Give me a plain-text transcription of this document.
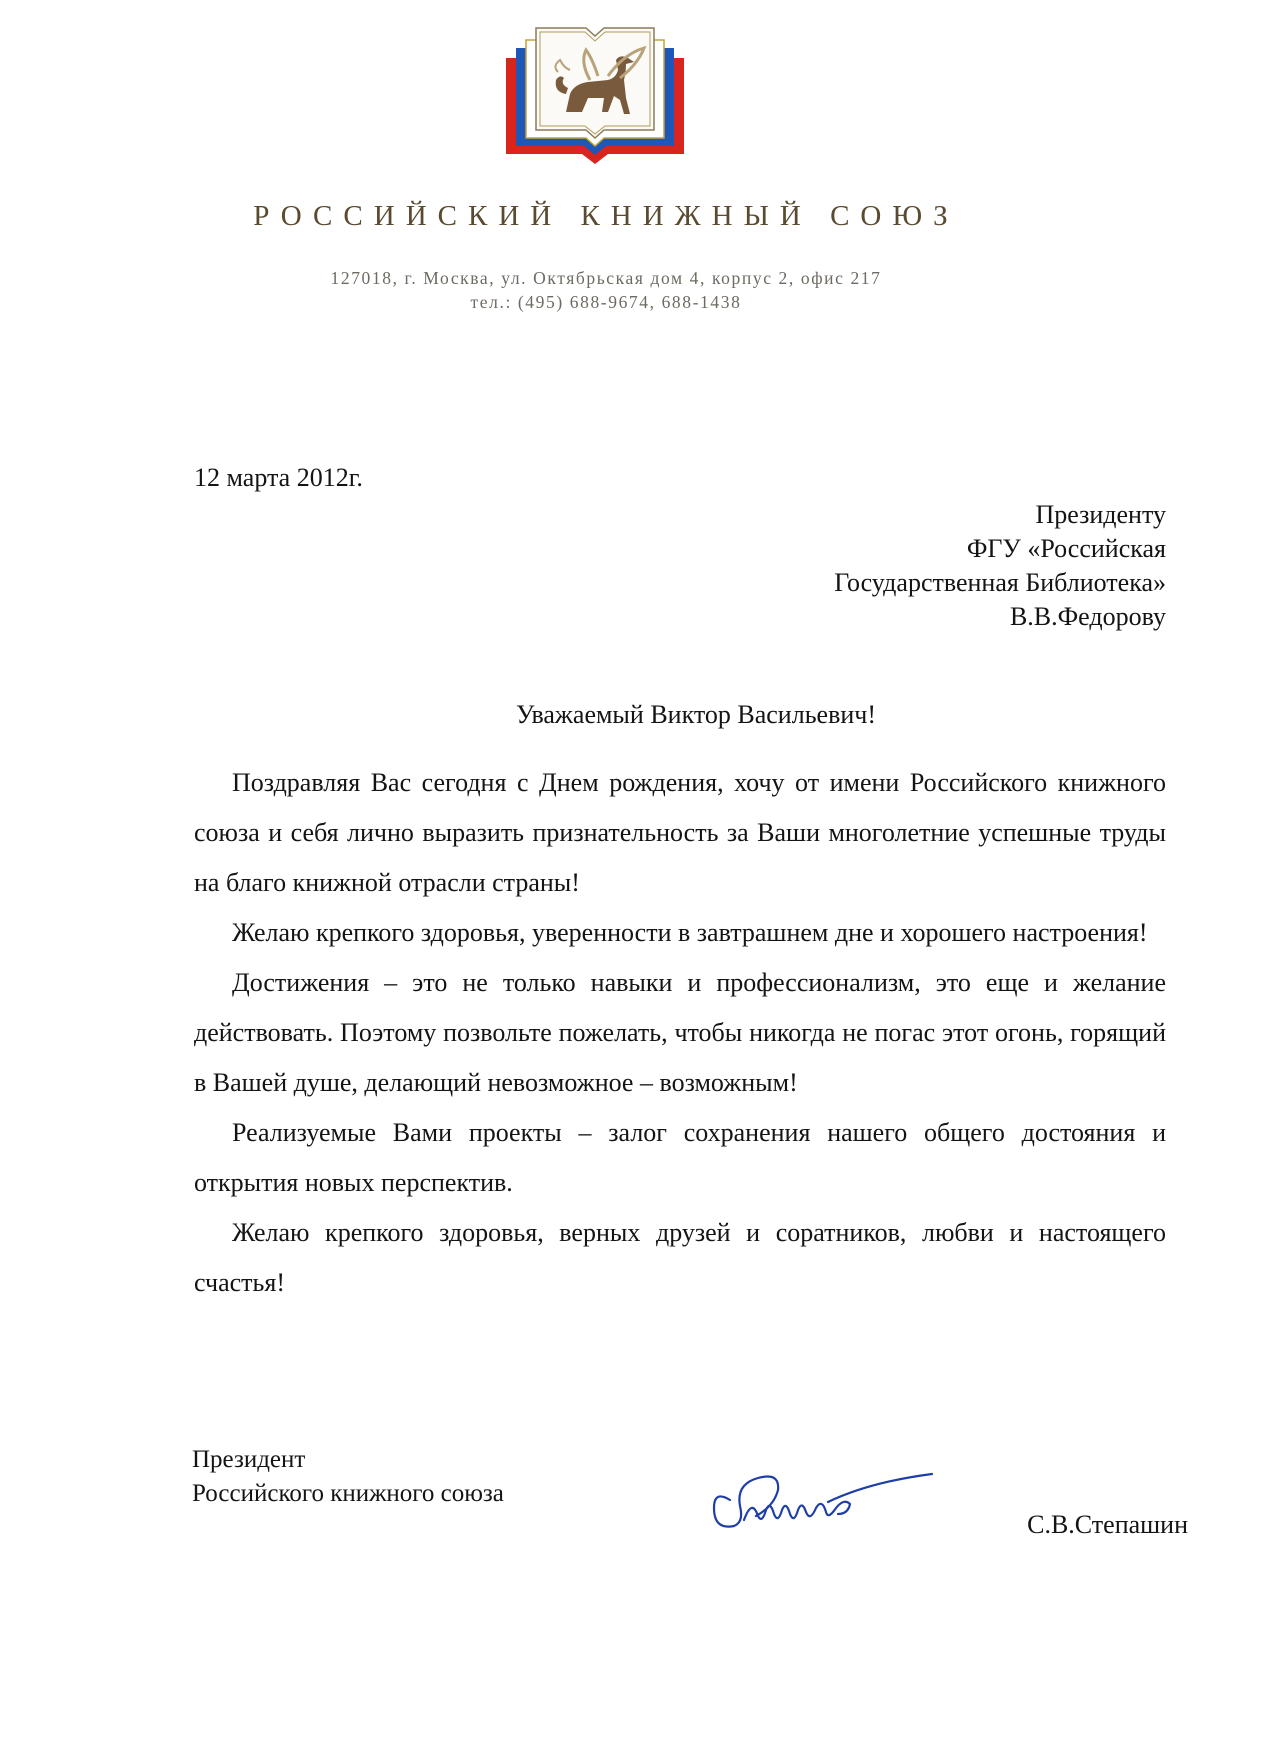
РОССИЙСКИЙ КНИЖНЫЙ СОЮЗ
127018, г. Москва, ул. Октябрьская дом 4, корпус 2, офис 217
тел.: (495) 688-9674, 688-1438
12 марта 2012г.
Президенту
ФГУ «Российская
Государственная Библиотека»
В.В.Федорову
Уважаемый Виктор Васильевич!

Поздравляя Вас сегодня с Днем рождения, хочу от имени Российского книжного союза и себя лично выразить признательность за Ваши многолетние успешные труды на благо книжной отрасли страны!

Желаю крепкого здоровья, уверенности в завтрашнем дне и хорошего настроения!

Достижения – это не только навыки и профессионализм, это еще и желание действовать. Поэтому позвольте пожелать, чтобы никогда не погас этот огонь, горящий в Вашей душе, делающий невозможное – возможным!

Реализуемые Вами проекты – залог сохранения нашего общего достояния и открытия новых перспектив.

Желаю крепкого здоровья, верных друзей и соратников, любви и настоящего счастья!

Президент
Российского книжного союза
С.В.Степашин
